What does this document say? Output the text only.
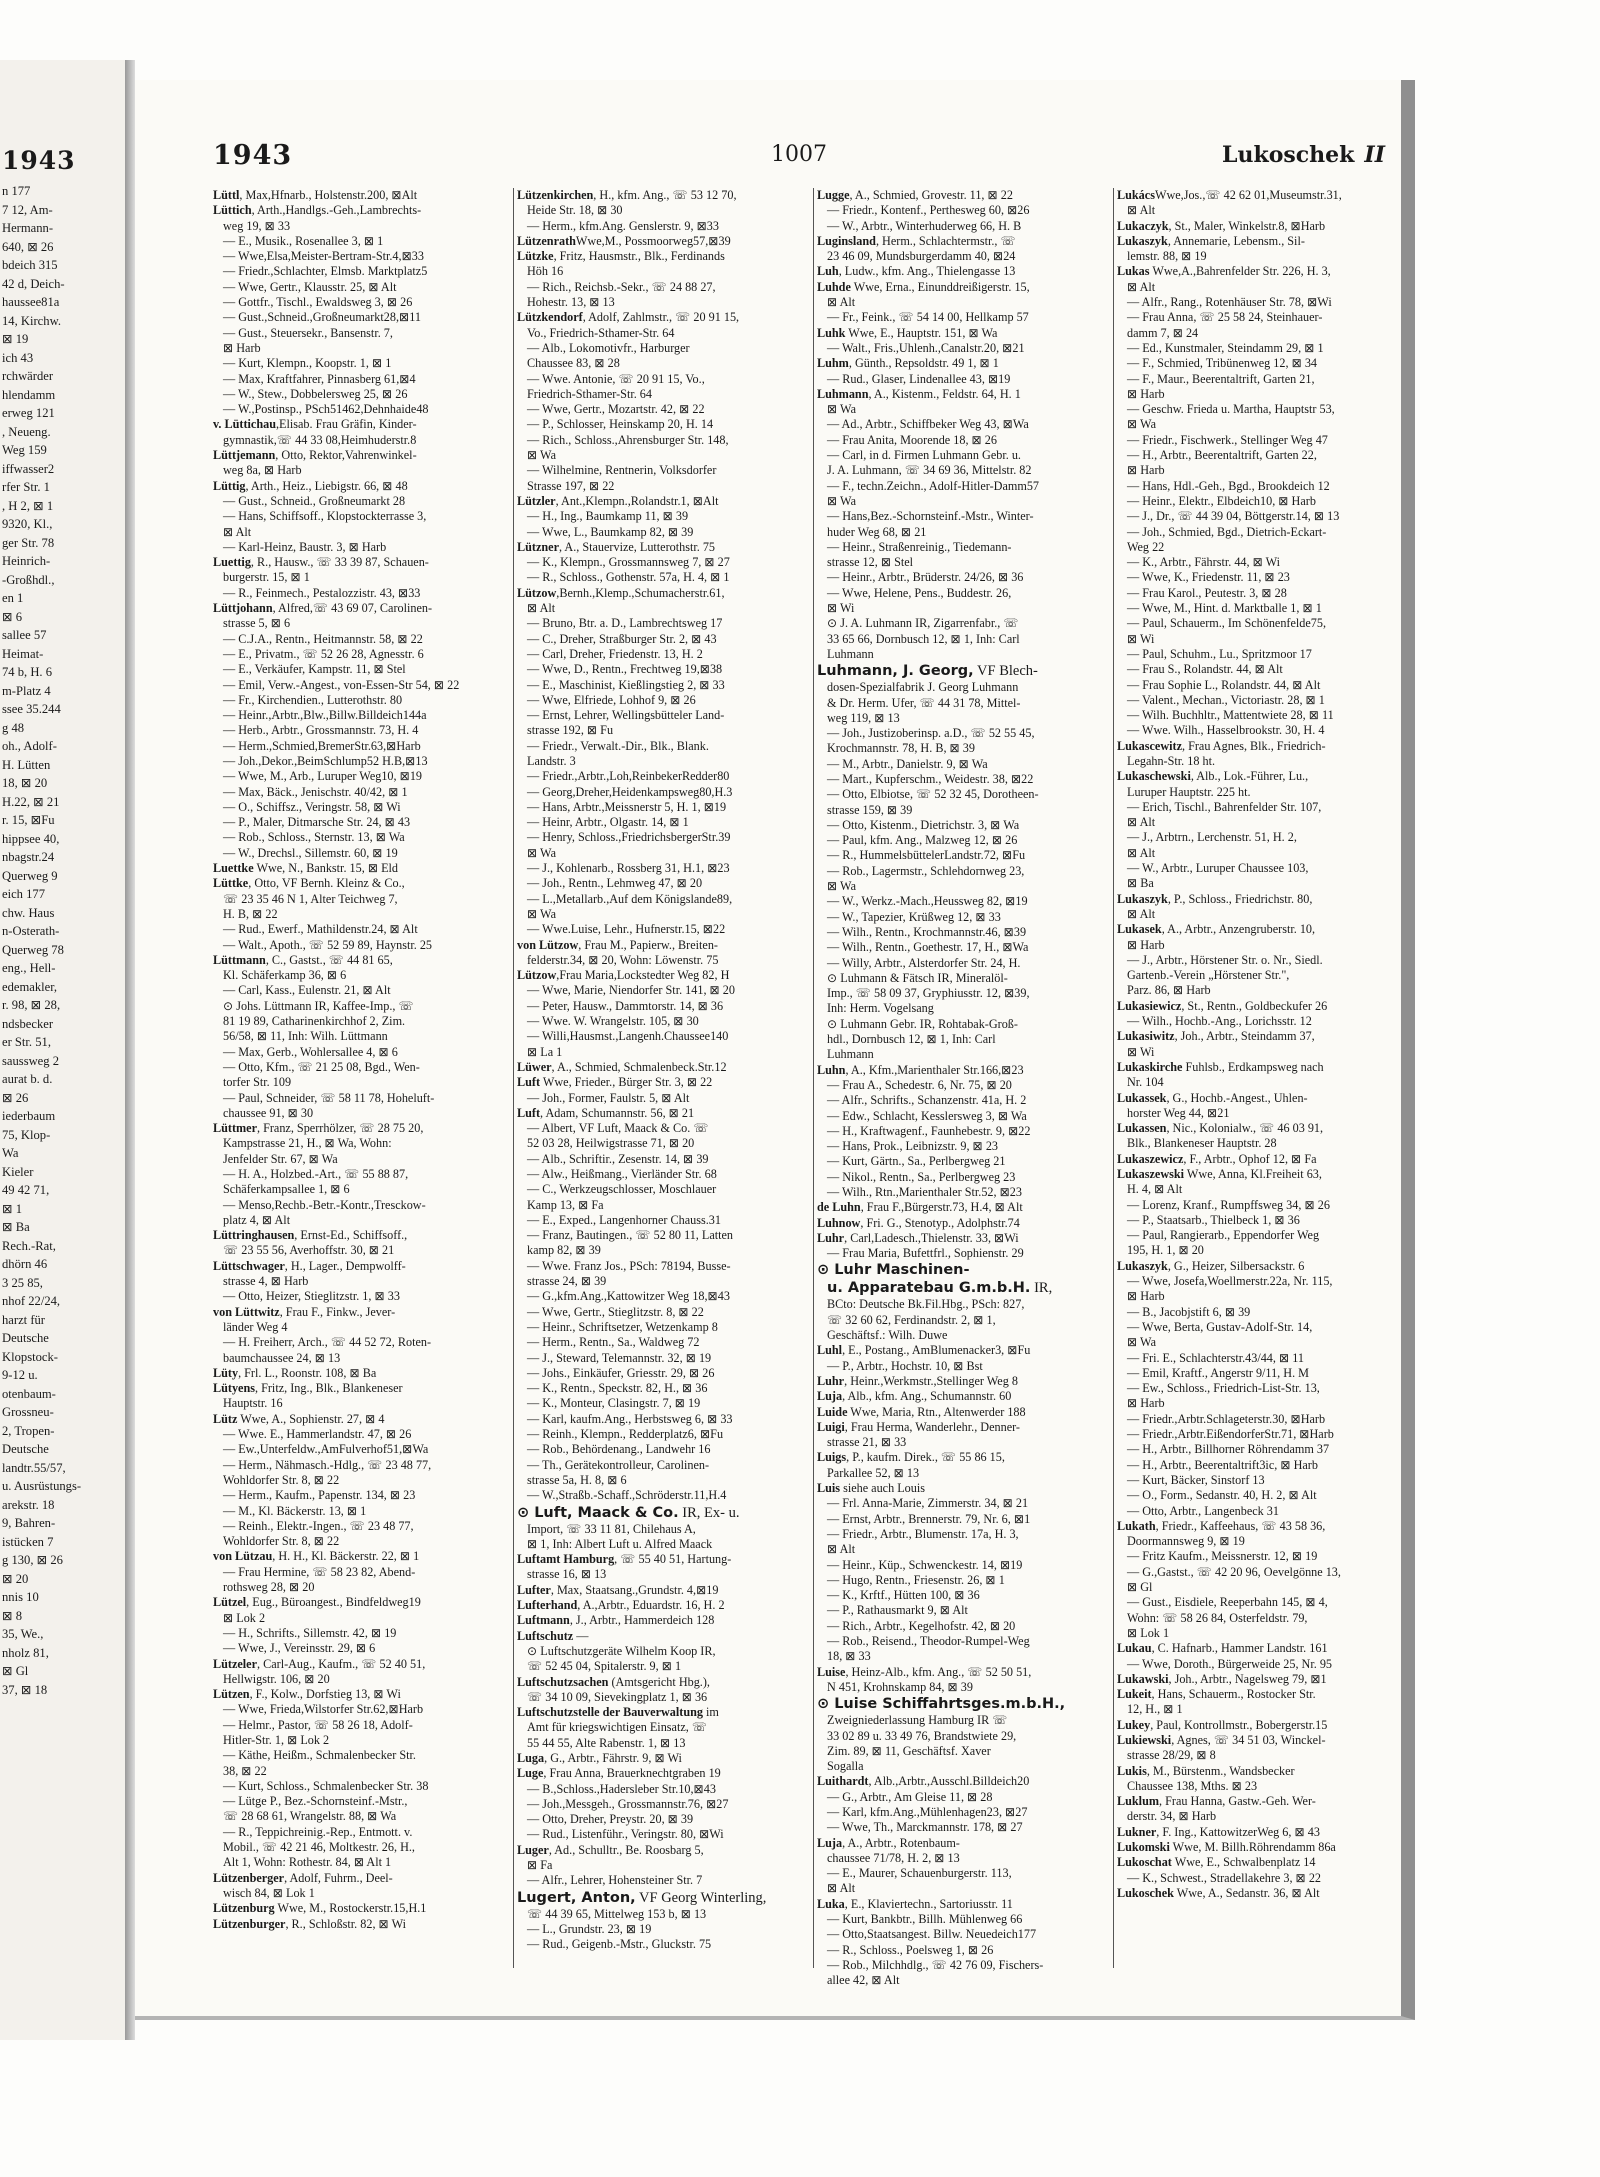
1943
n 177
7 12, Am-
Hermann-
640, ⊠ 26
bdeich 315
42 d, Deich-
haussee81a
14, Kirchw.
⊠ 19
ich 43
rchwärder
hlendamm
erweg 121
, Neueng.
Weg 159
iffwasser2
rfer Str. 1
, H 2, ⊠ 1
9320, Kl.,
ger Str. 78
Heinrich-
-Großhdl.,
en 1
⊠ 6
sallee 57
Heimat-
74 b, H. 6
m-Platz 4
ssee 35.244
g 48
oh., Adolf-
H. Lütten
18, ⊠ 20
H.22, ⊠ 21
r. 15, ⊠Fu
hippsee 40,
nbagstr.24
Querweg 9
eich 177
chw. Haus
n-Osterath-
Querweg 78
eng., Hell-
edemakler,
r. 98, ⊠ 28,
ndsbecker
er Str. 51,
saussweg 2
aurat b. d.
⊠ 26
iederbaum
75, Klop-
Wa
Kieler
49 42 71,
⊠ 1
⊠ Ba
Rech.-Rat,
dhörn 46
3 25 85,
nhof 22/24,
harzt für
Deutsche
Klopstock-
9-12 u.
otenbaum-
Grossneu-
2, Tropen-
Deutsche
landtr.55/57,
u. Ausrüstungs-
arekstr. 18
9, Bahren-
istücken 7
g 130, ⊠ 26
⊠ 20
nnis 10
⊠ 8
35, We.,
nholz 81,
⊠ Gl
37, ⊠ 18
1943	1007	Lukoschek II
Lüttl, Max,Hfnarb., Holstenstr.200, ⊠Alt
Lüttich, Arth.,Handlgs.-Geh.,Lambrechts-
weg 19, ⊠ 33
— E., Musik., Rosenallee 3, ⊠ 1
— Wwe,Elsa,Meister-Bertram-Str.4,⊠33
— Friedr.,Schlachter, Elmsb. Marktplatz5
— Wwe, Gertr., Klausstr. 25, ⊠ Alt
— Gottfr., Tischl., Ewaldsweg 3, ⊠ 26
— Gust.,Schneid.,Großneumarkt28,⊠11
— Gust., Steuersekr., Bansenstr. 7,
⊠ Harb
— Kurt, Klempn., Koopstr. 1, ⊠ 1
— Max, Kraftfahrer, Pinnasberg 61,⊠4
— W., Stew., Dobbelersweg 25, ⊠ 26
— W.,Postinsp., PSch51462,Dehnhaide48
v. Lüttichau,Elisab. Frau Gräfin, Kinder-
gymnastik,☏ 44 33 08,Heimhuderstr.8
Lüttjemann, Otto, Rektor,Vahrenwinkel-
weg 8a, ⊠ Harb
Lüttig, Arth., Heiz., Liebigstr. 66, ⊠ 48
— Gust., Schneid., Großneumarkt 28
— Hans, Schiffsoff., Klopstockterrasse 3,
⊠ Alt
— Karl-Heinz, Baustr. 3, ⊠ Harb
Luettig, R., Hausw., ☏ 33 39 87, Schauen-
burgerstr. 15, ⊠ 1
— R., Feinmech., Pestalozzistr. 43, ⊠33
Lüttjohann, Alfred,☏ 43 69 07, Carolinen-
strasse 5, ⊠ 6
— C.J.A., Rentn., Heitmannstr. 58, ⊠ 22
— E., Privatm., ☏ 52 26 28, Agnesstr. 6
— E., Verkäufer, Kampstr. 11, ⊠ Stel
— Emil, Verw.-Angest., von-Essen-Str 54, ⊠ 22
— Fr., Kirchendien., Lutterothstr. 80
— Heinr.,Arbtr.,Blw.,Billw.Billdeich144a
— Herb., Arbtr., Grossmannstr. 73, H. 4
— Herm.,Schmied,BremerStr.63,⊠Harb
— Joh.,Dekor.,BeimSchlump52 H.B,⊠13
— Wwe, M., Arb., Luruper Weg10, ⊠19
— Max, Bäck., Jenischstr. 40/42, ⊠ 1
— O., Schiffsz., Veringstr. 58, ⊠ Wi
— P., Maler, Ditmarsche Str. 24, ⊠ 43
— Rob., Schloss., Sternstr. 13, ⊠ Wa
— W., Drechsl., Sillemstr. 60, ⊠ 19
Luettke Wwe, N., Bankstr. 15, ⊠ Eld
Lüttke, Otto, VF Bernh. Kleinz & Co.,
☏ 23 35 46 N 1, Alter Teichweg 7,
H. B, ⊠ 22
— Rud., Ewerf., Mathildenstr.24, ⊠ Alt
— Walt., Apoth., ☏ 52 59 89, Haynstr. 25
Lüttmann, C., Gastst., ☏ 44 81 65,
Kl. Schäferkamp 36, ⊠ 6
— Carl, Kass., Eulenstr. 21, ⊠ Alt
⊙ Johs. Lüttmann IR, Kaffee-Imp., ☏
81 19 89, Catharinenkirchhof 2, Zim.
56/58, ⊠ 11, Inh: Wilh. Lüttmann
— Max, Gerb., Wohlersallee 4, ⊠ 6
— Otto, Kfm., ☏ 21 25 08, Bgd., Wen-
torfer Str. 109
— Paul, Schneider, ☏ 58 11 78, Hoheluft-
chaussee 91, ⊠ 30
Lüttmer, Franz, Sperrhölzer, ☏ 28 75 20,
Kampstrasse 21, H., ⊠ Wa, Wohn:
Jenfelder Str. 67, ⊠ Wa
— H. A., Holzbed.-Art., ☏ 55 88 87,
Schäferkampsallee 1, ⊠ 6
— Menso,Rechb.-Betr.-Kontr.,Tresckow-
platz 4, ⊠ Alt
Lüttringhausen, Ernst-Ed., Schiffsoff.,
☏ 23 55 56, Averhoffstr. 30, ⊠ 21
Lüttschwager, H., Lager., Dempwolff-
strasse 4, ⊠ Harb
— Otto, Heizer, Stieglitzstr. 1, ⊠ 33
von Lüttwitz, Frau F., Finkw., Jever-
länder Weg 4
— H. Freiherr, Arch., ☏ 44 52 72, Roten-
baumchaussee 24, ⊠ 13
Lüty, Frl. L., Roonstr. 108, ⊠ Ba
Lütyens, Fritz, Ing., Blk., Blankeneser
Hauptstr. 16
Lütz Wwe, A., Sophienstr. 27, ⊠ 4
— Wwe. E., Hammerlandstr. 47, ⊠ 26
— Ew.,Unterfeldw.,AmFulverhof51,⊠Wa
— Herm., Nähmasch.-Hdlg., ☏ 23 48 77,
Wohldorfer Str. 8, ⊠ 22
— Herm., Kaufm., Papenstr. 134, ⊠ 23
— M., Kl. Bäckerstr. 13, ⊠ 1
— Reinh., Elektr.-Ingen., ☏ 23 48 77,
Wohldorfer Str. 8, ⊠ 22
von Lützau, H. H., Kl. Bäckerstr. 22, ⊠ 1
— Frau Hermine, ☏ 58 23 82, Abend-
rothsweg 28, ⊠ 20
Lützel, Eug., Büroangest., Bindfeldweg19
⊠ Lok 2
— H., Schrifts., Sillemstr. 42, ⊠ 19
— Wwe, J., Vereinsstr. 29, ⊠ 6
Lützeler, Carl-Aug., Kaufm., ☏ 52 40 51,
Hellwigstr. 106, ⊠ 20
Lützen, F., Kolw., Dorfstieg 13, ⊠ Wi
— Wwe, Frieda,Wilstorfer Str.62,⊠Harb
— Helmr., Pastor, ☏ 58 26 18, Adolf-
Hitler-Str. 1, ⊠ Lok 2
— Käthe, Heißm., Schmalenbecker Str.
38, ⊠ 22
— Kurt, Schloss., Schmalenbecker Str. 38
— Lütge P., Bez.-Schornsteinf.-Mstr.,
☏ 28 68 61, Wrangelstr. 88, ⊠ Wa
— R., Teppichreinig.-Rep., Entmott. v.
Mobil., ☏ 42 21 46, Moltkestr. 26, H.,
Alt 1, Wohn: Rothestr. 84, ⊠ Alt 1
Lützenberger, Adolf, Fuhrm., Deel-
wisch 84, ⊠ Lok 1
Lützenburg Wwe, M., Rostockerstr.15,H.1
Lützenburger, R., Schloßstr. 82, ⊠ Wi
Lützenkirchen, H., kfm. Ang., ☏ 53 12 70,
Heide Str. 18, ⊠ 30
— Herm., kfm.Ang. Genslerstr. 9, ⊠33
LützenrathWwe,M., Possmoorweg57,⊠39
Lützke, Fritz, Hausmstr., Blk., Ferdinands
Höh 16
— Rich., Reichsb.-Sekr., ☏ 24 88 27,
Hohestr. 13, ⊠ 13
Lützkendorf, Adolf, Zahlmstr., ☏ 20 91 15,
Vo., Friedrich-Sthamer-Str. 64
— Alb., Lokomotivfr., Harburger
Chaussee 83, ⊠ 28
— Wwe. Antonie, ☏ 20 91 15, Vo.,
Friedrich-Sthamer-Str. 64
— Wwe, Gertr., Mozartstr. 42, ⊠ 22
— P., Schlosser, Heinskamp 20, H. 14
— Rich., Schloss.,Ahrensburger Str. 148,
⊠ Wa
— Wilhelmine, Rentnerin, Volksdorfer
Strasse 197, ⊠ 22
Lützler, Ant.,Klempn.,Rolandstr.1, ⊠Alt
— H., Ing., Baumkamp 11, ⊠ 39
— Wwe, L., Baumkamp 82, ⊠ 39
Lützner, A., Stauervize, Lutterothstr. 75
— K., Klempn., Grossmannsweg 7, ⊠ 27
— R., Schloss., Gothenstr. 57a, H. 4, ⊠ 1
Lützow,Bernh.,Klemp.,Schumacherstr.61,
⊠ Alt
— Bruno, Btr. a. D., Lambrechtsweg 17
— C., Dreher, Straßburger Str. 2, ⊠ 43
— Carl, Dreher, Friedenstr. 13, H. 2
— Wwe, D., Rentn., Frechtweg 19,⊠38
— E., Maschinist, Kießlingstieg 2, ⊠ 33
— Wwe, Elfriede, Lohhof 9, ⊠ 26
— Ernst, Lehrer, Wellingsbütteler Land-
strasse 192, ⊠ Fu
— Friedr., Verwalt.-Dir., Blk., Blank.
Landstr. 3
— Friedr.,Arbtr.,Loh,ReinbekerRedder80
— Georg,Dreher,Heidenkampsweg80,H.3
— Hans, Arbtr.,Meissnerstr 5, H. 1, ⊠19
— Heinr, Arbtr., Olgastr. 14, ⊠ 1
— Henry, Schloss.,FriedrichsbergerStr.39
⊠ Wa
— J., Kohlenarb., Rossberg 31, H.1, ⊠23
— Joh., Rentn., Lehmweg 47, ⊠ 20
— L.,Metallarb.,Auf dem Königslande89,
⊠ Wa
— Wwe.Luise, Lehr., Hufnerstr.15, ⊠22
von Lützow, Frau M., Papierw., Breiten-
felderstr.34, ⊠ 20, Wohn: Löwenstr. 75
Lützow,Frau Maria,Lockstedter Weg 82, H
— Wwe, Marie, Niendorfer Str. 141, ⊠ 20
— Peter, Hausw., Dammtorstr. 14, ⊠ 36
— Wwe. W. Wrangelstr. 105, ⊠ 30
— Willi,Hausmst.,Langenh.Chaussee140
⊠ La 1
Lüwer, A., Schmied, Schmalenbeck.Str.12
Luft Wwe, Frieder., Bürger Str. 3, ⊠ 22
— Joh., Former, Faulstr. 5, ⊠ Alt
Luft, Adam, Schumannstr. 56, ⊠ 21
— Albert, VF Luft, Maack & Co. ☏
52 03 28, Heilwigstrasse 71, ⊠ 20
— Alb., Schriftir., Zesenstr. 14, ⊠ 39
— Alw., Heißmang., Vierländer Str. 68
— C., Werkzeugschlosser, Moschlauer
Kamp 13, ⊠ Fa
— E., Exped., Langenhorner Chauss.31
— Franz, Bautingen., ☏ 52 80 11, Latten
kamp 82, ⊠ 39
— Wwe. Franz Jos., PSch: 78194, Busse-
strasse 24, ⊠ 39
— G.,kfm.Ang.,Kattowitzer Weg 18,⊠43
— Wwe, Gertr., Stieglitzstr. 8, ⊠ 22
— Heinr., Schriftsetzer, Wetzenkamp 8
— Herm., Rentn., Sa., Waldweg 72
— J., Steward, Telemannstr. 32, ⊠ 19
— Johs., Einkäufer, Griesstr. 29, ⊠ 26
— K., Rentn., Speckstr. 82, H., ⊠ 36
— K., Monteur, Clasingstr. 7, ⊠ 19
— Karl, kaufm.Ang., Herbstsweg 6, ⊠ 33
— Reinh., Klempn., Redderplatz6, ⊠Fu
— Rob., Behördenang., Landwehr 16
— Th., Gerätekontrolleur, Carolinen-
strasse 5a, H. 8, ⊠ 6
— W.,Straßb.-Schaff.,Schröderstr.11,H.4
⊙ Luft, Maack & Co. IR, Ex- u.
Import, ☏ 33 11 81, Chilehaus A,
⊠ 1, Inh: Albert Luft u. Alfred Maack
Luftamt Hamburg, ☏ 55 40 51, Hartung-
strasse 16, ⊠ 13
Lufter, Max, Staatsang.,Grundstr. 4,⊠19
Lufterhand, A.,Arbtr., Eduardstr. 16, H. 2
Luftmann, J., Arbtr., Hammerdeich 128
Luftschutz —
⊙ Luftschutzgeräte Wilhelm Koop IR,
☏ 52 45 04, Spitalerstr. 9, ⊠ 1
Luftschutzsachen (Amtsgericht Hbg.),
☏ 34 10 09, Sievekingplatz 1, ⊠ 36
Luftschutzstelle der Bauverwaltung im
Amt für kriegswichtigen Einsatz, ☏
55 44 55, Alte Rabenstr. 1, ⊠ 13
Luga, G., Arbtr., Fährstr. 9, ⊠ Wi
Luge, Frau Anna, Brauerknechtgraben 19
— B.,Schloss.,Hadersleber Str.10,⊠43
— Joh.,Messgeh., Grossmannstr.76, ⊠27
— Otto, Dreher, Preystr. 20, ⊠ 39
— Rud., Listenführ., Veringstr. 80, ⊠Wi
Luger, Ad., Schulltr., Be. Roosbarg 5,
⊠ Fa
— Alfr., Lehrer, Hohensteiner Str. 7
Lugert, Anton, VF Georg Winterling,
☏ 44 39 65, Mittelweg 153 b, ⊠ 13
— L., Grundstr. 23, ⊠ 19
— Rud., Geigenb.-Mstr., Gluckstr. 75
Lugge, A., Schmied, Grovestr. 11, ⊠ 22
— Friedr., Kontenf., Perthesweg 60, ⊠26
— W., Arbtr., Winterhuderweg 66, H. B
Luginsland, Herm., Schlachtermstr., ☏
23 46 09, Mundsburgerdamm 40, ⊠24
Luh, Ludw., kfm. Ang., Thielengasse 13
Luhde Wwe, Erna., Einunddreißigerstr. 15,
⊠ Alt
— Fr., Feink., ☏ 54 14 00, Hellkamp 57
Luhk Wwe, E., Hauptstr. 151, ⊠ Wa
— Walt., Fris.,Uhlenh.,Canalstr.20, ⊠21
Luhm, Günth., Repsoldstr. 49 1, ⊠ 1
— Rud., Glaser, Lindenallee 43, ⊠19
Luhmann, A., Kistenm., Feldstr. 64, H. 1
⊠ Wa
— Ad., Arbtr., Schiffbeker Weg 43, ⊠Wa
— Frau Anita, Moorende 18, ⊠ 26
— Carl, in d. Firmen Luhmann Gebr. u.
J. A. Luhmann, ☏ 34 69 36, Mittelstr. 82
— F., techn.Zeichn., Adolf-Hitler-Damm57
⊠ Wa
— Hans,Bez.-Schornsteinf.-Mstr., Winter-
huder Weg 68, ⊠ 21
— Heinr., Straßenreinig., Tiedemann-
strasse 12, ⊠ Stel
— Heinr., Arbtr., Brüderstr. 24/26, ⊠ 36
— Wwe, Helene, Pens., Buddestr. 26,
⊠ Wi
⊙ J. A. Luhmann IR, Zigarrenfabr., ☏
33 65 66, Dornbusch 12, ⊠ 1, Inh: Carl
Luhmann
Luhmann, J. Georg, VF Blech-
dosen-Spezialfabrik J. Georg Luhmann
& Dr. Herm. Ufer, ☏ 44 31 78, Mittel-
weg 119, ⊠ 13
— Joh., Justizoberinsp. a.D., ☏ 52 55 45,
Krochmannstr. 78, H. B, ⊠ 39
— M., Arbtr., Danielstr. 9, ⊠ Wa
— Mart., Kupferschm., Weidestr. 38, ⊠22
— Otto, Elbiotse, ☏ 52 32 45, Dorotheen-
strasse 159, ⊠ 39
— Otto, Kistenm., Dietrichstr. 3, ⊠ Wa
— Paul, kfm. Ang., Malzweg 12, ⊠ 26
— R., HummelsbüttelerLandstr.72, ⊠Fu
— Rob., Lagermstr., Schlehdornweg 23,
⊠ Wa
— W., Werkz.-Mach.,Heussweg 82, ⊠19
— W., Tapezier, Krüßweg 12, ⊠ 33
— Wilh., Rentn., Krochmannstr.46, ⊠39
— Wilh., Rentn., Goethestr. 17, H., ⊠Wa
— Willy, Arbtr., Alsterdorfer Str. 24, H.
⊙ Luhmann & Fätsch IR, Mineralöl-
Imp., ☏ 58 09 37, Gryphiusstr. 12, ⊠39,
Inh: Herm. Vogelsang
⊙ Luhmann Gebr. IR, Rohtabak-Groß-
hdl., Dornbusch 12, ⊠ 1, Inh: Carl
Luhmann
Luhn, A., Kfm.,Marienthaler Str.166,⊠23
— Frau A., Schedestr. 6, Nr. 75, ⊠ 20
— Alfr., Schrifts., Schanzenstr. 41a, H. 2
— Edw., Schlacht, Kesslersweg 3, ⊠ Wa
— H., Kraftwagenf., Faunhebestr. 9, ⊠22
— Hans, Prok., Leibnizstr. 9, ⊠ 23
— Kurt, Gärtn., Sa., Perlbergweg 21
— Nikol., Rentn., Sa., Perlbergweg 23
— Wilh., Rtn.,Marienthaler Str.52, ⊠23
de Luhn, Frau F.,Bürgerstr.73, H.4, ⊠ Alt
Luhnow, Fri. G., Stenotyp., Adolphstr.74
Luhr, Carl,Ladesch.,Thielenstr. 33, ⊠Wi
— Frau Maria, Bufettfrl., Sophienstr. 29
⊙ Luhr Maschinen-
u. Apparatebau G.m.b.H. IR,
BCto: Deutsche Bk.Fil.Hbg., PSch: 827,
☏ 32 60 62, Ferdinandstr. 2, ⊠ 1,
Geschäftsf.: Wilh. Duwe
Luhl, E., Postang., AmBlumenacker3, ⊠Fu
— P., Arbtr., Hochstr. 10, ⊠ Bst
Luhr, Heinr.,Werkmstr.,Stellinger Weg 8
Luja, Alb., kfm. Ang., Schumannstr. 60
Luide Wwe, Maria, Rtn., Altenwerder 188
Luigi, Frau Herma, Wanderlehr., Denner-
strasse 21, ⊠ 33
Luigs, P., kaufm. Direk., ☏ 55 86 15,
Parkallee 52, ⊠ 13
Luis siehe auch Louis
— Frl. Anna-Marie, Zimmerstr. 34, ⊠ 21
— Ernst, Arbtr., Brennerstr. 79, Nr. 6, ⊠1
— Friedr., Arbtr., Blumenstr. 17a, H. 3,
⊠ Alt
— Heinr., Küp., Schwenckestr. 14, ⊠19
— Hugo, Rentn., Friesenstr. 26, ⊠ 1
— K., Krftf., Hütten 100, ⊠ 36
— P., Rathausmarkt 9, ⊠ Alt
— Rich., Arbtr., Kegelhofstr. 42, ⊠ 20
— Rob., Reisend., Theodor-Rumpel-Weg
18, ⊠ 33
Luise, Heinz-Alb., kfm. Ang., ☏ 52 50 51,
N 451, Krohnskamp 84, ⊠ 39
⊙ Luise Schiffahrtsges.m.b.H.,
Zweigniederlassung Hamburg IR ☏
33 02 89 u. 33 49 76, Brandstwiete 29,
Zim. 89, ⊠ 11, Geschäftsf. Xaver
Sogalla
Luithardt, Alb.,Arbtr.,Ausschl.Billdeich20
— G., Arbtr., Am Gleise 11, ⊠ 28
— Karl, kfm.Ang.,Mühlenhagen23, ⊠27
— Wwe, Th., Marckmannstr. 178, ⊠ 27
Luja, A., Arbtr., Rotenbaum-
chaussee 71/78, H. 2, ⊠ 13
— E., Maurer, Schauenburgerstr. 113,
⊠ Alt
Luka, E., Klaviertechn., Sartoriusstr. 11
— Kurt, Bankbtr., Billh. Mühlenweg 66
— Otto,Staatsangest. Billw. Neuedeich177
— R., Schloss., Poelsweg 1, ⊠ 26
— Rob., Milchhdlg., ☏ 42 76 09, Fischers-
allee 42, ⊠ Alt
LukácsWwe,Jos.,☏ 42 62 01,Museumstr.31,
⊠ Alt
Lukaczyk, St., Maler, Winkelstr.8, ⊠Harb
Lukaszyk, Annemarie, Lebensm., Sil-
lemstr. 88, ⊠ 19
Lukas Wwe,A.,Bahrenfelder Str. 226, H. 3,
⊠ Alt
— Alfr., Rang., Rotenhäuser Str. 78, ⊠Wi
— Frau Anna, ☏ 25 58 24, Steinhauer-
damm 7, ⊠ 24
— Ed., Kunstmaler, Steindamm 29, ⊠ 1
— F., Schmied, Tribünenweg 12, ⊠ 34
— F., Maur., Beerentaltrift, Garten 21,
⊠ Harb
— Geschw. Frieda u. Martha, Hauptstr 53,
⊠ Wa
— Friedr., Fischwerk., Stellinger Weg 47
— H., Arbtr., Beerentaltrift, Garten 22,
⊠ Harb
— Hans, Hdl.-Geh., Bgd., Brookdeich 12
— Heinr., Elektr., Elbdeich10, ⊠ Harb
— J., Dr., ☏ 44 39 04, Böttgerstr.14, ⊠ 13
— Joh., Schmied, Bgd., Dietrich-Eckart-
Weg 22
— K., Arbtr., Fährstr. 44, ⊠ Wi
— Wwe, K., Friedenstr. 11, ⊠ 23
— Frau Karol., Peutestr. 3, ⊠ 28
— Wwe, M., Hint. d. Marktballe 1, ⊠ 1
— Paul, Schauerm., Im Schönenfelde75,
⊠ Wi
— Paul, Schuhm., Lu., Spritzmoor 17
— Frau S., Rolandstr. 44, ⊠ Alt
— Frau Sophie L., Rolandstr. 44, ⊠ Alt
— Valent., Mechan., Victoriastr. 28, ⊠ 1
— Wilh. Buchhltr., Mattentwiete 28, ⊠ 11
— Wwe. Wilh., Hasselbrookstr. 30, H. 4
Lukascewitz, Frau Agnes, Blk., Friedrich-
Legahn-Str. 18 ht.
Lukaschewski, Alb., Lok.-Führer, Lu.,
Luruper Hauptstr. 225 ht.
— Erich, Tischl., Bahrenfelder Str. 107,
⊠ Alt
— J., Arbtrn., Lerchenstr. 51, H. 2,
⊠ Alt
— W., Arbtr., Luruper Chaussee 103,
⊠ Ba
Lukaszyk, P., Schloss., Friedrichstr. 80,
⊠ Alt
Lukasek, A., Arbtr., Anzengruberstr. 10,
⊠ Harb
— J., Arbtr., Hörstener Str. o. Nr., Siedl.
Gartenb.-Verein „Hörstener Str.",
Parz. 86, ⊠ Harb
Lukasiewicz, St., Rentn., Goldbeckufer 26
— Wilh., Hochb.-Ang., Lorichsstr. 12
Lukasiwitz, Joh., Arbtr., Steindamm 37,
⊠ Wi
Lukaskirche Fuhlsb., Erdkampsweg nach
Nr. 104
Lukassek, G., Hochb.-Angest., Uhlen-
horster Weg 44, ⊠21
Lukassen, Nic., Kolonialw., ☏ 46 03 91,
Blk., Blankeneser Hauptstr. 28
Lukaszewicz, F., Arbtr., Ophof 12, ⊠ Fa
Lukaszewski Wwe, Anna, Kl.Freiheit 63,
H. 4, ⊠ Alt
— Lorenz, Kranf., Rumpffsweg 34, ⊠ 26
— P., Staatsarb., Thielbeck 1, ⊠ 36
— Paul, Rangierarb., Eppendorfer Weg
195, H. 1, ⊠ 20
Lukaszyk, G., Heizer, Silbersackstr. 6
— Wwe, Josefa,Woellmerstr.22a, Nr. 115,
⊠ Harb
— B., Jacobjstift 6, ⊠ 39
— Wwe, Berta, Gustav-Adolf-Str. 14,
⊠ Wa
— Fri. E., Schlachterstr.43/44, ⊠ 11
— Emil, Kraftf., Angerstr 9/11, H. M
— Ew., Schloss., Friedrich-List-Str. 13,
⊠ Harb
— Friedr.,Arbtr.Schlageterstr.30, ⊠Harb
— Friedr.,Arbtr.EißendorferStr.71, ⊠Harb
— H., Arbtr., Billhorner Röhrendamm 37
— H., Arbtr., Beerentaltrift3ic, ⊠ Harb
— Kurt, Bäcker, Sinstorf 13
— O., Form., Sedanstr. 40, H. 2, ⊠ Alt
— Otto, Arbtr., Langenbeck 31
Lukath, Friedr., Kaffeehaus, ☏ 43 58 36,
Doormannsweg 9, ⊠ 19
— Fritz Kaufm., Meissnerstr. 12, ⊠ 19
— G.,Gastst., ☏ 42 20 96, Oevelgönne 13,
⊠ Gl
— Gust., Eisdiele, Reeperbahn 145, ⊠ 4,
Wohn: ☏ 58 26 84, Osterfeldstr. 79,
⊠ Lok 1
Lukau, C. Hafnarb., Hammer Landstr. 161
— Wwe, Doroth., Bürgerweide 25, Nr. 95
Lukawski, Joh., Arbtr., Nagelsweg 79, ⊠1
Lukeit, Hans, Schauerm., Rostocker Str.
12, H., ⊠ 1
Lukey, Paul, Kontrollmstr., Bobergerstr.15
Lukiewski, Agnes, ☏ 34 51 03, Winckel-
strasse 28/29, ⊠ 8
Lukis, M., Bürstenm., Wandsbecker
Chaussee 138, Mths. ⊠ 23
Luklum, Frau Hanna, Gastw.-Geh. Wer-
derstr. 34, ⊠ Harb
Lukner, F. Ing., KattowitzerWeg 6, ⊠ 43
Lukomski Wwe, M. Billh.Röhrendamm 86a
Lukoschat Wwe, E., Schwalbenplatz 14
— K., Schwest., Stradellakehre 3, ⊠ 22
Lukoschek Wwe, A., Sedanstr. 36, ⊠ Alt
